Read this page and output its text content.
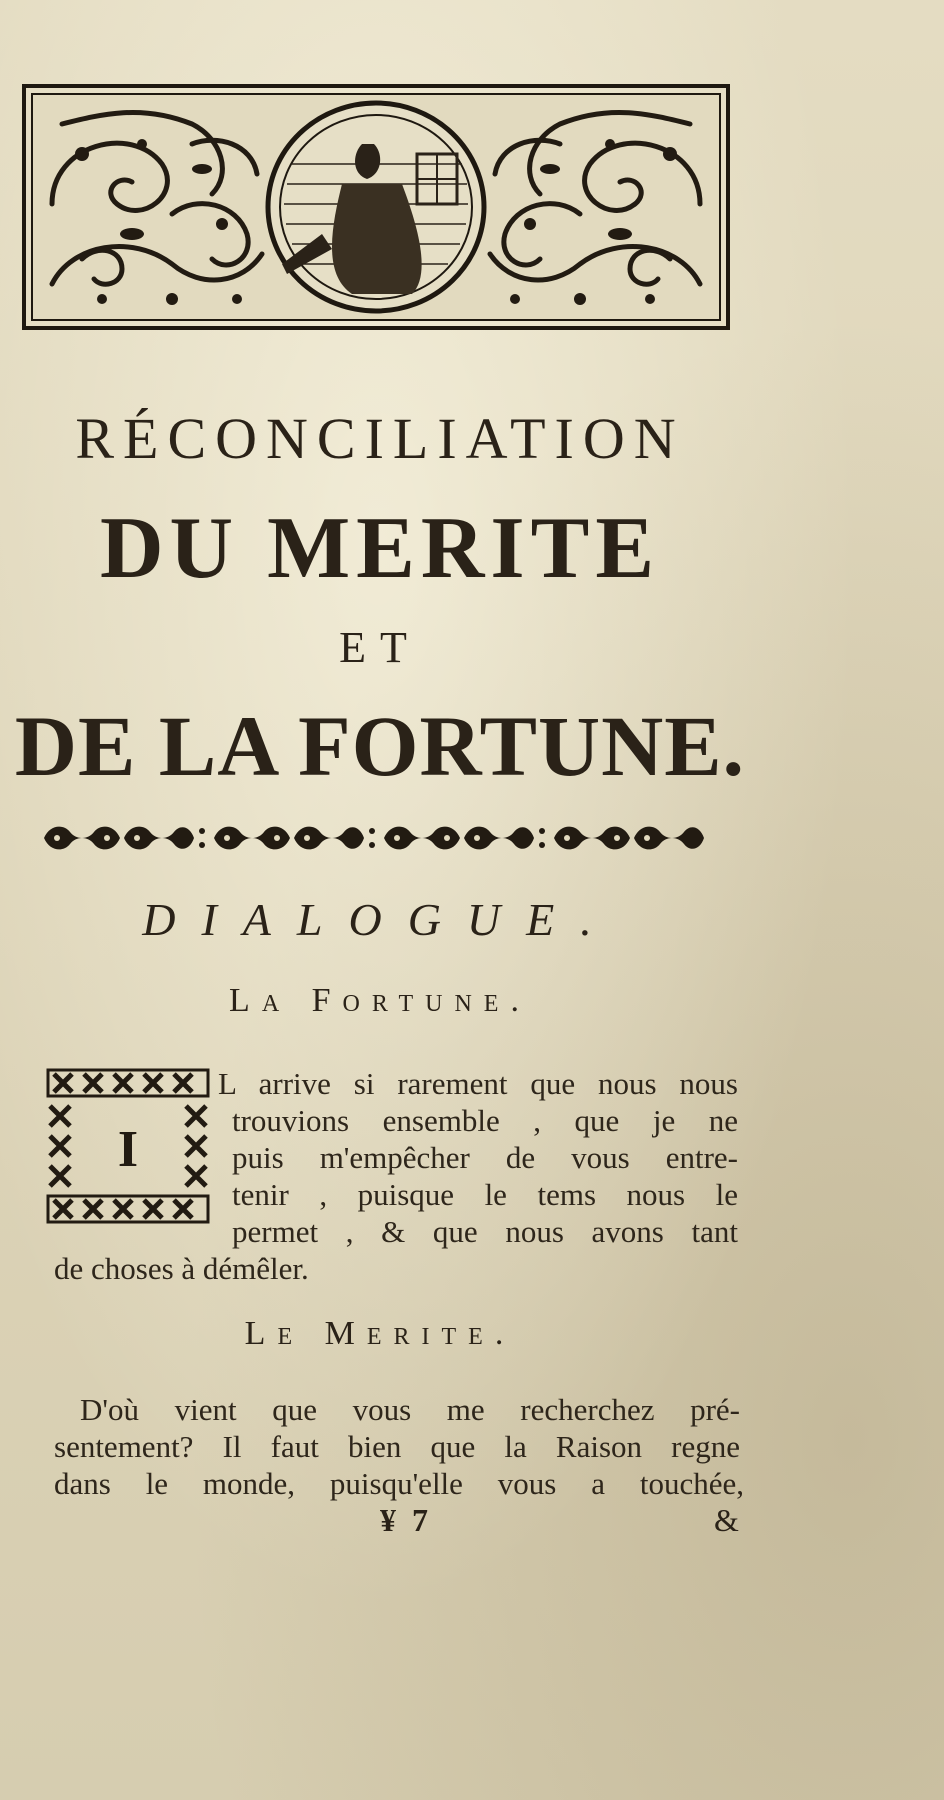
RÉCONCILIATION
DU MERITE
ET
DE LA FORTUNE.
DIALOGUE.
La Fortune.
I
L arrive si rarement que nous nous
trouvions ensemble , que je ne
puis m'empêcher de vous entre-
tenir , puisque le tems nous le
permet , & que nous avons tant
de choses à démêler.
Le Merite.
D'où vient que vous me recherchez pré-
sentement? Il faut bien que la Raison regne
dans le monde, puisqu'elle vous a touchée,
¥ 7	&
